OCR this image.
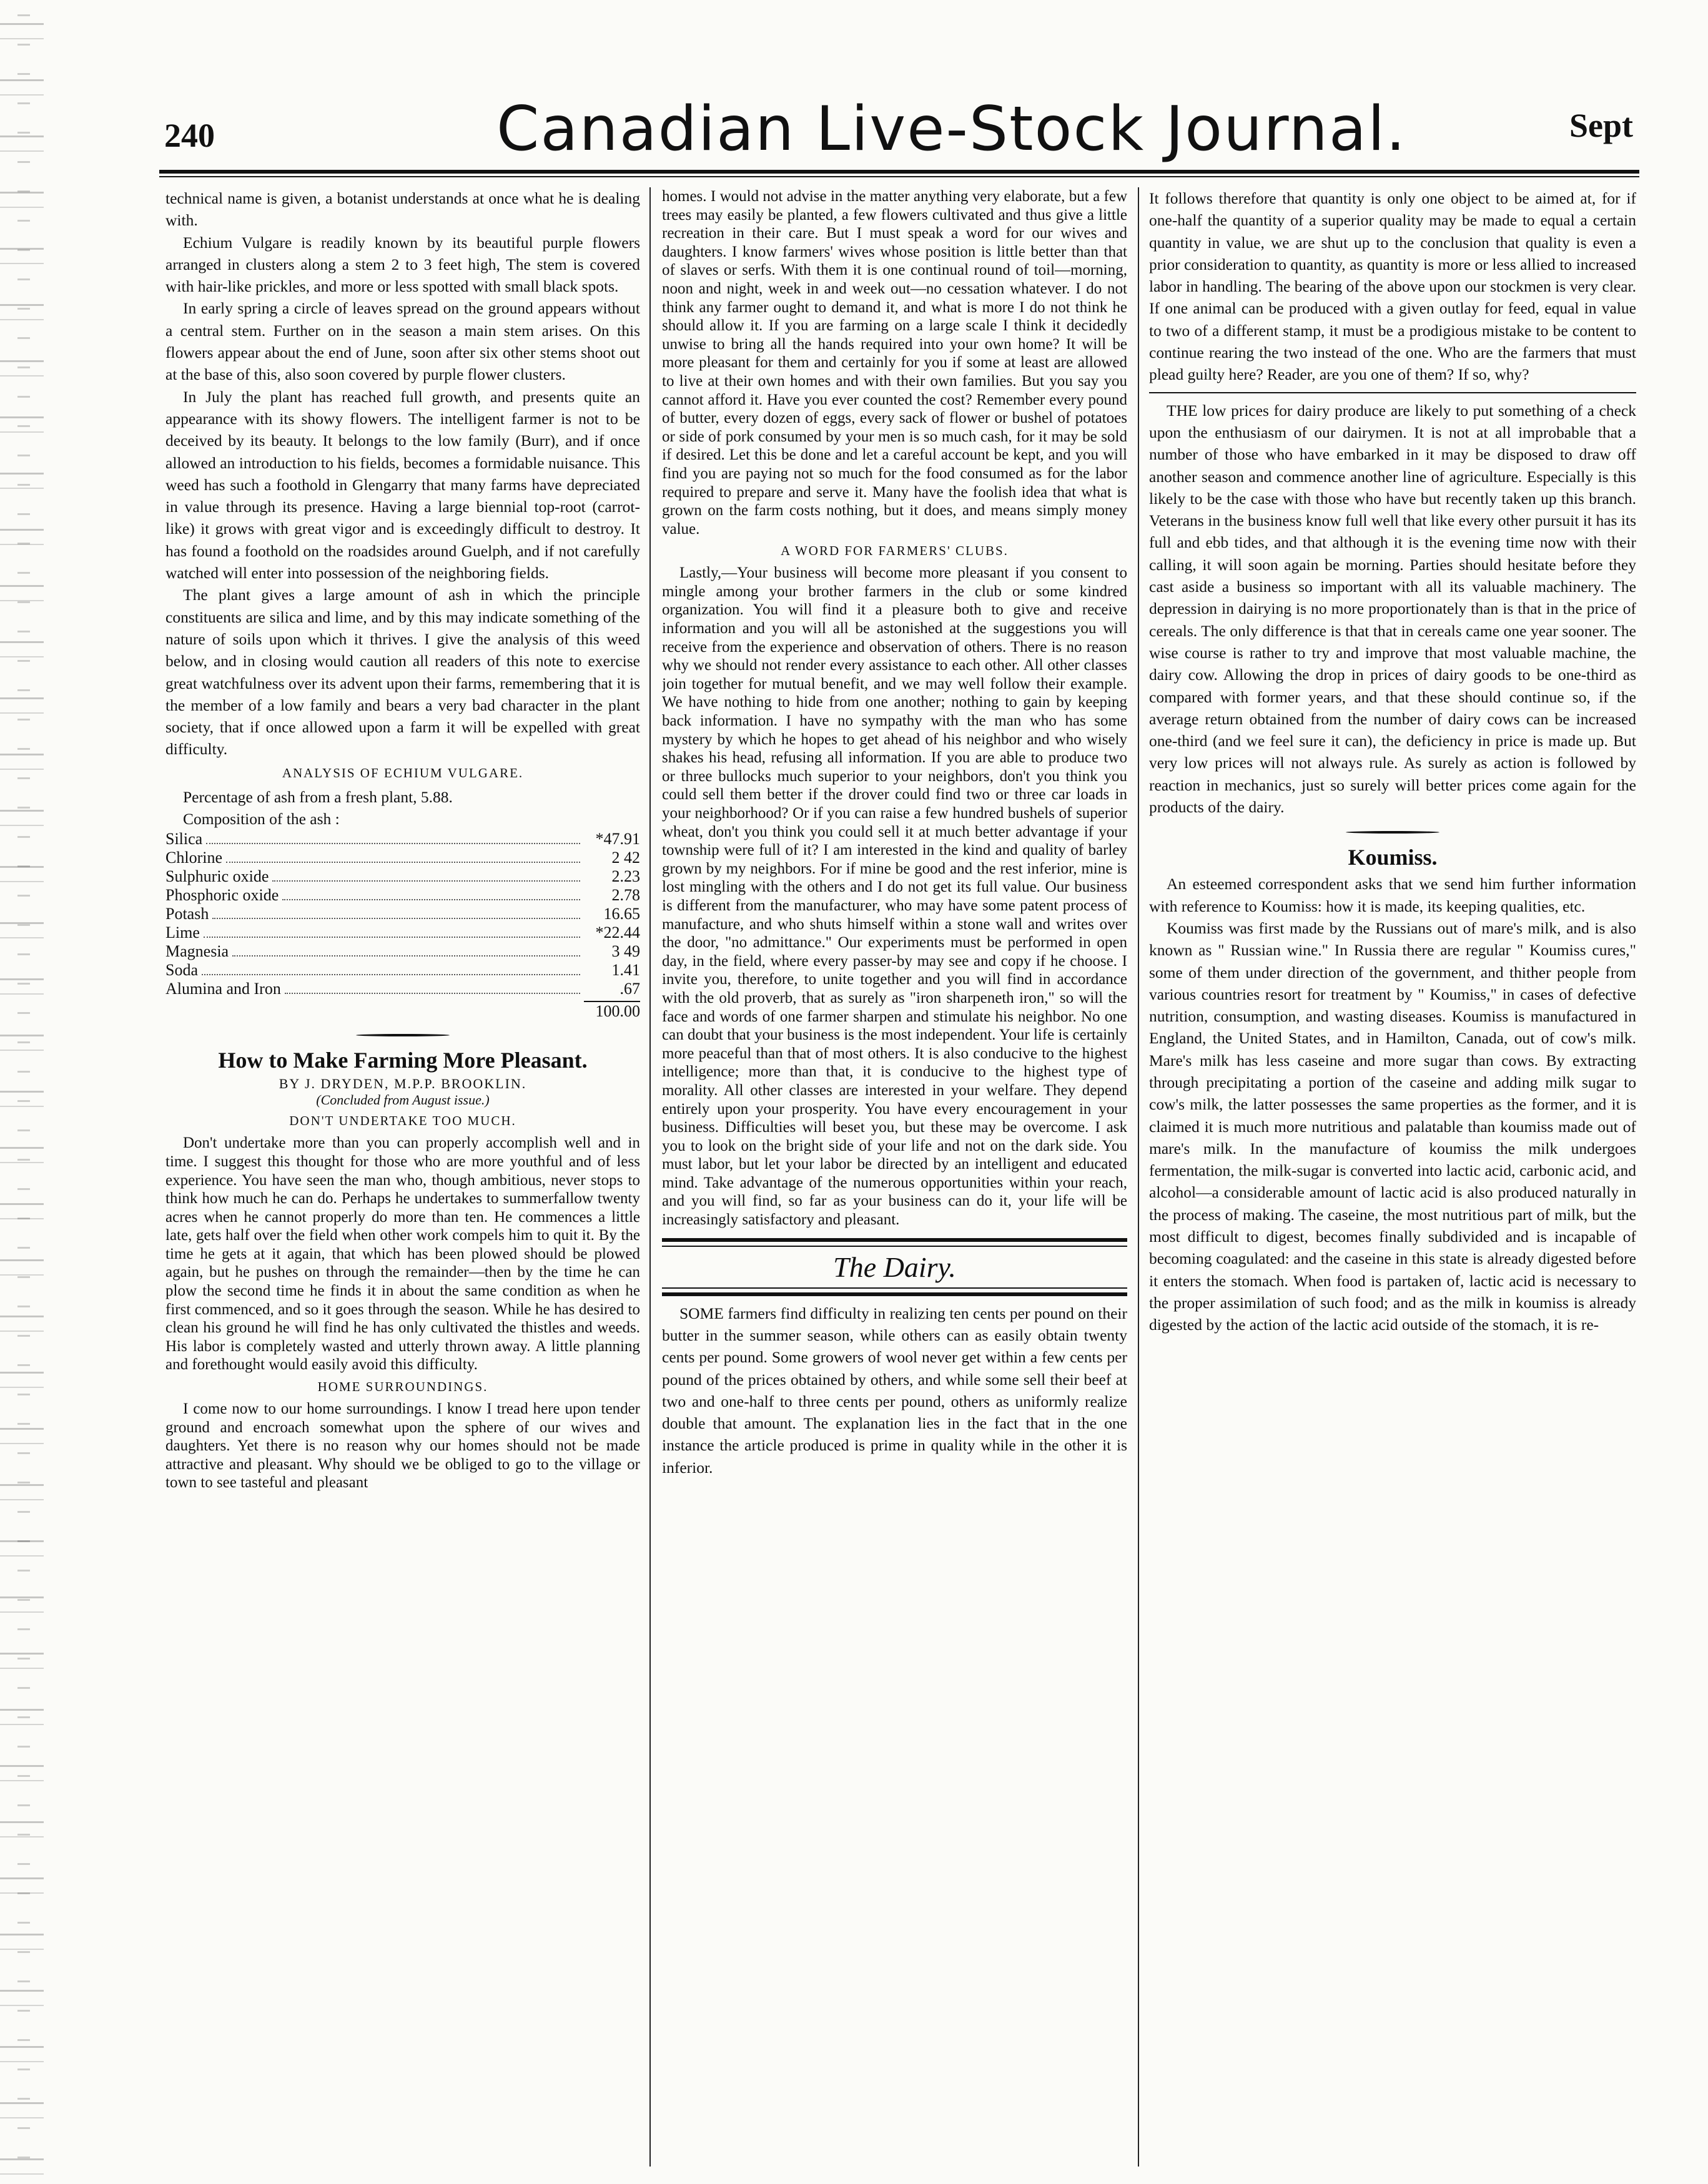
240	Canadian Live-Stock Journal.	Sept

technical name is given, a botanist understands at once what he is dealing with.

Echium Vulgare is readily known by its beautiful purple flowers arranged in clusters along a stem 2 to 3 feet high, The stem is covered with hair-like prickles, and more or less spotted with small black spots.

In early spring a circle of leaves spread on the ground appears without a central stem. Further on in the season a main stem arises. On this flowers appear about the end of June, soon after six other stems shoot out at the base of this, also soon covered by purple flower clusters.

In July the plant has reached full growth, and presents quite an appearance with its showy flowers. The intelligent farmer is not to be deceived by its beauty. It belongs to the low family (Burr), and if once allowed an introduction to his fields, becomes a formidable nuisance. This weed has such a foothold in Glengarry that many farms have depreciated in value through its presence. Having a large biennial top-root (carrot-like) it grows with great vigor and is exceedingly difficult to destroy. It has found a foothold on the roadsides around Guelph, and if not carefully watched will enter into possession of the neighboring fields.

The plant gives a large amount of ash in which the principle constituents are silica and lime, and by this may indicate something of the nature of soils upon which it thrives. I give the analysis of this weed below, and in closing would caution all readers of this note to exercise great watchfulness over its advent upon their farms, remembering that it is the member of a low family and bears a very bad character in the plant society, that if once allowed upon a farm it will be expelled with great difficulty.

ANALYSIS OF ECHIUM VULGARE.

Percentage of ash from a fresh plant, 5.88.

Composition of the ash :

Silica	*47.91
Chlorine	2 42
Sulphuric oxide	2.23
Phosphoric oxide	2.78
Potash	16.65
Lime	*22.44
Magnesia	3 49
Soda	1.41
Alumina and Iron	.67
100.00
How to Make Farming More Pleasant.
BY J. DRYDEN, M.P.P. BROOKLIN.
(Concluded from August issue.)
DON'T UNDERTAKE TOO MUCH.

Don't undertake more than you can properly accomplish well and in time. I suggest this thought for those who are more youthful and of less experience. You have seen the man who, though ambitious, never stops to think how much he can do. Perhaps he undertakes to summerfallow twenty acres when he cannot properly do more than ten. He commences a little late, gets half over the field when other work compels him to quit it. By the time he gets at it again, that which has been plowed should be plowed again, but he pushes on through the remainder—then by the time he can plow the second time he finds it in about the same condition as when he first commenced, and so it goes through the season. While he has desired to clean his ground he will find he has only cultivated the thistles and weeds. His labor is completely wasted and utterly thrown away. A little planning and forethought would easily avoid this difficulty.

HOME SURROUNDINGS.

I come now to our home surroundings. I know I tread here upon tender ground and encroach somewhat upon the sphere of our wives and daughters. Yet there is no reason why our homes should not be made attractive and pleasant. Why should we be obliged to go to the village or town to see tasteful and pleasant

homes. I would not advise in the matter anything very elaborate, but a few trees may easily be planted, a few flowers cultivated and thus give a little recreation in their care. But I must speak a word for our wives and daughters. I know farmers' wives whose position is little better than that of slaves or serfs. With them it is one continual round of toil—morning, noon and night, week in and week out—no cessation whatever. I do not think any farmer ought to demand it, and what is more I do not think he should allow it. If you are farming on a large scale I think it decidedly unwise to bring all the hands required into your own home? It will be more pleasant for them and certainly for you if some at least are allowed to live at their own homes and with their own families. But you say you cannot afford it. Have you ever counted the cost? Remember every pound of butter, every dozen of eggs, every sack of flower or bushel of potatoes or side of pork consumed by your men is so much cash, for it may be sold if desired. Let this be done and let a careful account be kept, and you will find you are paying not so much for the food consumed as for the labor required to prepare and serve it. Many have the foolish idea that what is grown on the farm costs nothing, but it does, and means simply money value.

A WORD FOR FARMERS' CLUBS.

Lastly,—Your business will become more pleasant if you consent to mingle among your brother farmers in the club or some kindred organization. You will find it a pleasure both to give and receive information and you will all be astonished at the suggestions you will receive from the experience and observation of others. There is no reason why we should not render every assistance to each other. All other classes join together for mutual benefit, and we may well follow their example. We have nothing to hide from one another; nothing to gain by keeping back information. I have no sympathy with the man who has some mystery by which he hopes to get ahead of his neighbor and who wisely shakes his head, refusing all information. If you are able to produce two or three bullocks much superior to your neighbors, don't you think you could sell them better if the drover could find two or three car loads in your neighborhood? Or if you can raise a few hundred bushels of superior wheat, don't you think you could sell it at much better advantage if your township were full of it? I am interested in the kind and quality of barley grown by my neighbors. For if mine be good and the rest inferior, mine is lost mingling with the others and I do not get its full value. Our business is different from the manufacturer, who may have some patent process of manufacture, and who shuts himself within a stone wall and writes over the door, "no admittance." Our experiments must be performed in open day, in the field, where every passer-by may see and copy if he choose. I invite you, therefore, to unite together and you will find in accordance with the old proverb, that as surely as "iron sharpeneth iron," so will the face and words of one farmer sharpen and stimulate his neighbor. No one can doubt that your business is the most independent. Your life is certainly more peaceful than that of most others. It is also conducive to the highest intelligence; more than that, it is conducive to the highest type of morality. All other classes are interested in your welfare. They depend entirely upon your prosperity. You have every encouragement in your business. Difficulties will beset you, but these may be overcome. I ask you to look on the bright side of your life and not on the dark side. You must labor, but let your labor be directed by an intelligent and educated mind. Take advantage of the numerous opportunities within your reach, and you will find, so far as your business can do it, your life will be increasingly satisfactory and pleasant.

The Dairy.

SOME farmers find difficulty in realizing ten cents per pound on their butter in the summer season, while others can as easily obtain twenty cents per pound. Some growers of wool never get within a few cents per pound of the prices obtained by others, and while some sell their beef at two and one-half to three cents per pound, others as uniformly realize double that amount. The explanation lies in the fact that in the one instance the article produced is prime in quality while in the other it is inferior.

It follows therefore that quantity is only one object to be aimed at, for if one-half the quantity of a superior quality may be made to equal a certain quantity in value, we are shut up to the conclusion that quality is even a prior consideration to quantity, as quantity is more or less allied to increased labor in handling. The bearing of the above upon our stockmen is very clear. If one animal can be produced with a given outlay for feed, equal in value to two of a different stamp, it must be a prodigious mistake to be content to continue rearing the two instead of the one. Who are the farmers that must plead guilty here? Reader, are you one of them? If so, why?

THE low prices for dairy produce are likely to put something of a check upon the enthusiasm of our dairymen. It is not at all improbable that a number of those who have embarked in it may be disposed to draw off another season and commence another line of agriculture. Especially is this likely to be the case with those who have but recently taken up this branch. Veterans in the business know full well that like every other pursuit it has its full and ebb tides, and that although it is the evening time now with their calling, it will soon again be morning. Parties should hesitate before they cast aside a business so important with all its valuable machinery. The depression in dairying is no more proportionately than is that in the price of cereals. The only difference is that that in cereals came one year sooner. The wise course is rather to try and improve that most valuable machine, the dairy cow. Allowing the drop in prices of dairy goods to be one-third as compared with former years, and that these should continue so, if the average return obtained from the number of dairy cows can be increased one-third (and we feel sure it can), the deficiency in price is made up. But very low prices will not always rule. As surely as action is followed by reaction in mechanics, just so surely will better prices come again for the products of the dairy.

Koumiss.

An esteemed correspondent asks that we send him further information with reference to Koumiss: how it is made, its keeping qualities, etc.

Koumiss was first made by the Russians out of mare's milk, and is also known as " Russian wine." In Russia there are regular " Koumiss cures," some of them under direction of the government, and thither people from various countries resort for treatment by " Koumiss," in cases of defective nutrition, consumption, and wasting diseases. Koumiss is manufactured in England, the United States, and in Hamilton, Canada, out of cow's milk. Mare's milk has less caseine and more sugar than cows. By extracting through precipitating a portion of the caseine and adding milk sugar to cow's milk, the latter possesses the same properties as the former, and it is claimed it is much more nutritious and palatable than koumiss made out of mare's milk. In the manufacture of koumiss the milk undergoes fermentation, the milk-sugar is converted into lactic acid, carbonic acid, and alcohol—a considerable amount of lactic acid is also produced naturally in the process of making. The caseine, the most nutritious part of milk, but the most difficult to digest, becomes finally subdivided and is incapable of becoming coagulated: and the caseine in this state is already digested before it enters the stomach. When food is partaken of, lactic acid is necessary to the proper assimilation of such food; and as the milk in koumiss is already digested by the action of the lactic acid outside of the stomach, it is re-
